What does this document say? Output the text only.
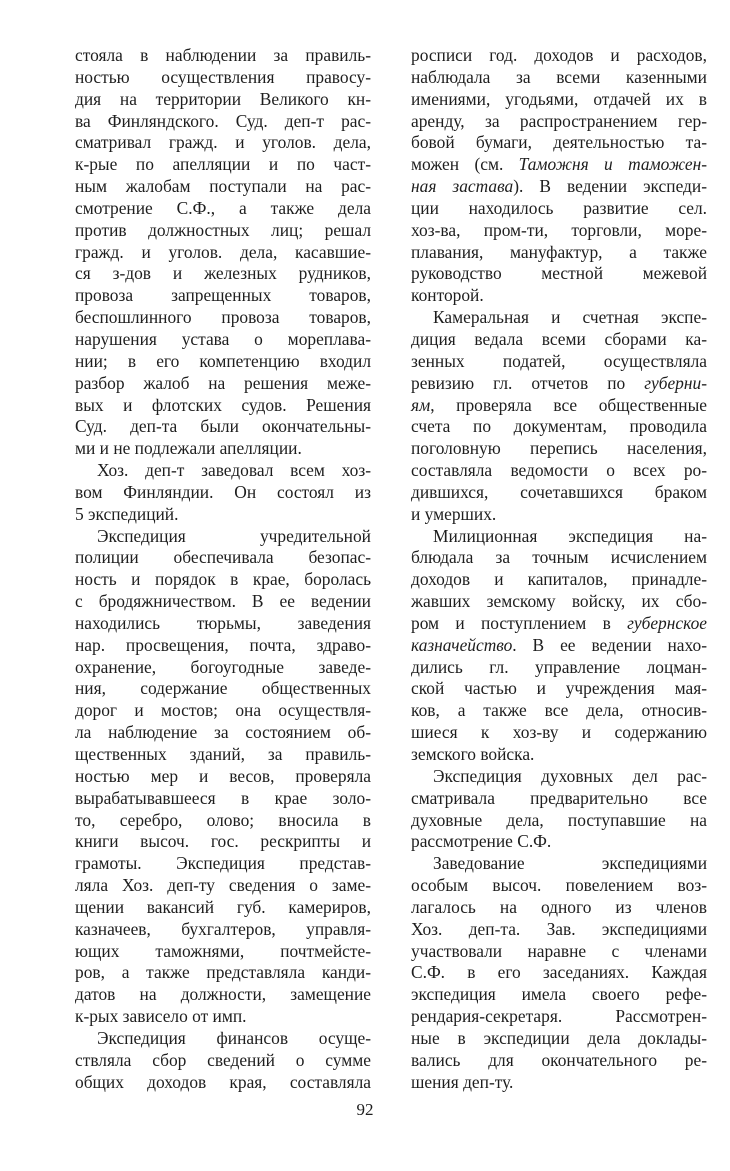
стояла в наблюдении за правиль-
ностью осуществления правосу-
дия на территории Великого кн-
ва Финляндского. Суд. деп-т рас-
сматривал гражд. и уголов. дела,
к-рые по апелляции и по част-
ным жалобам поступали на рас-
смотрение С.Ф., а также дела
против должностных лиц; решал
гражд. и уголов. дела, касавшие-
ся з-дов и железных рудников,
провоза запрещенных товаров,
беспошлинного провоза товаров,
нарушения устава о мореплава-
нии; в его компетенцию входил
разбор жалоб на решения меже-
вых и флотских судов. Решения
Суд. деп-та были окончательны-
ми и не подлежали апелляции.
Хоз. деп-т заведовал всем хоз-
вом Финляндии. Он состоял из
5 экспедиций.
Экспедиция учредительной
полиции обеспечивала безопас-
ность и порядок в крае, боролась
с бродяжничеством. В ее ведении
находились тюрьмы, заведения
нар. просвещения, почта, здраво-
охранение, богоугодные заведе-
ния, содержание общественных
дорог и мостов; она осуществля-
ла наблюдение за состоянием об-
щественных зданий, за правиль-
ностью мер и весов, проверяла
вырабатывавшееся в крае золо-
то, серебро, олово; вносила в
книги высоч. гос. рескрипты и
грамоты. Экспедиция представ-
ляла Хоз. деп-ту сведения о заме-
щении вакансий губ. камериров,
казначеев, бухгалтеров, управля-
ющих таможнями, почтмейсте-
ров, а также представляла канди-
датов на должности, замещение
к-рых зависело от имп.
Экспедиция финансов осуще-
ствляла сбор сведений о сумме
общих доходов края, составляла
росписи год. доходов и расходов,
наблюдала за всеми казенными
имениями, угодьями, отдачей их в
аренду, за распространением гер-
бовой бумаги, деятельностью та-
можен (см. Таможня и таможен-
ная застава). В ведении экспеди-
ции находилось развитие сел.
хоз-ва, пром-ти, торговли, море-
плавания, мануфактур, а также
руководство местной межевой
конторой.
Камеральная и счетная экспе-
диция ведала всеми сборами ка-
зенных податей, осуществляла
ревизию гл. отчетов по губерни-
ям, проверяла все общественные
счета по документам, проводила
поголовную перепись населения,
составляла ведомости о всех ро-
дившихся, сочетавшихся браком
и умерших.
Милиционная экспедиция на-
блюдала за точным исчислением
доходов и капиталов, принадле-
жавших земскому войску, их сбо-
ром и поступлением в губернское
казначейство. В ее ведении нахо-
дились гл. управление лоцман-
ской частью и учреждения мая-
ков, а также все дела, относив-
шиеся к хоз-ву и содержанию
земского войска.
Экспедиция духовных дел рас-
сматривала предварительно все
духовные дела, поступавшие на
рассмотрение С.Ф.
Заведование экспедициями
особым высоч. повелением воз-
лагалось на одного из членов
Хоз. деп-та. Зав. экспедициями
участвовали наравне с членами
С.Ф. в его заседаниях. Каждая
экспедиция имела своего рефе-
рендария-секретаря. Рассмотрен-
ные в экспедиции дела доклады-
вались для окончательного ре-
шения деп-ту.
92
